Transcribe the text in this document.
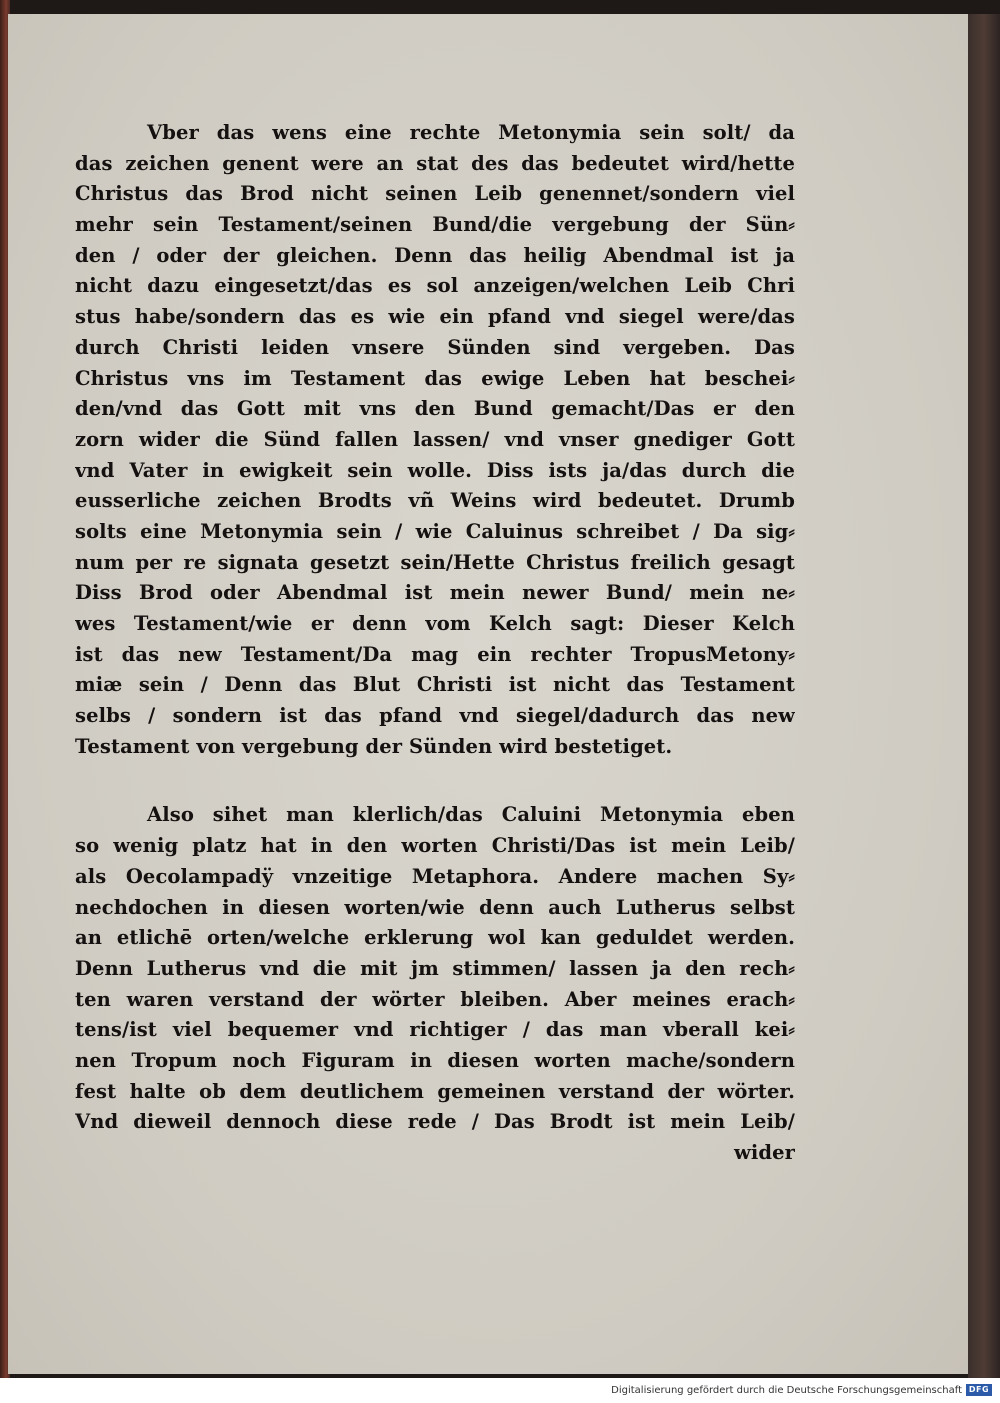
Vber das wens eine rechte Metonymia sein solt/ da

das zeichen genent were an stat des das bedeutet wird/hette

Christus das Brod nicht seinen Leib genennet/sondern viel

mehr sein Testament/seinen Bund/die vergebung der Sün⸗

den / oder der gleichen. Denn das heilig Abendmal ist ja

nicht dazu eingesetzt/das es sol anzeigen/welchen Leib Chri

stus habe/sondern das es wie ein pfand vnd siegel were/das

durch Christi leiden vnsere Sünden sind vergeben. Das

Christus vns im Testament das ewige Leben hat beschei⸗

den/vnd das Gott mit vns den Bund gemacht/Das er den

zorn wider die Sünd fallen lassen/ vnd vnser gnediger Gott

vnd Vater in ewigkeit sein wolle. Diss ists ja/das durch die

eusserliche zeichen Brodts vñ Weins wird bedeutet. Drumb

solts eine Metonymia sein / wie Caluinus schreibet / Da sig⸗

num per re signata gesetzt sein/Hette Christus freilich gesagt

Diss Brod oder Abendmal ist mein newer Bund/ mein ne⸗

wes Testament/wie er denn vom Kelch sagt: Dieser Kelch

ist das new Testament/Da mag ein rechter TropusMetony⸗

miæ sein / Denn das Blut Christi ist nicht das Testament

selbs / sondern ist das pfand vnd siegel/dadurch das new

Testament von vergebung der Sünden wird bestetiget.

Also sihet man klerlich/das Caluini Metonymia eben

so wenig platz hat in den worten Christi/Das ist mein Leib/

als Oecolampadÿ vnzeitige Metaphora. Andere machen Sy⸗

nechdochen in diesen worten/wie denn auch Lutherus selbst

an etlichē orten/welche erklerung wol kan geduldet werden.

Denn Lutherus vnd die mit jm stimmen/ lassen ja den rech⸗

ten waren verstand der wörter bleiben. Aber meines erach⸗

tens/ist viel bequemer vnd richtiger / das man vberall kei⸗

nen Tropum noch Figuram in diesen worten mache/sondern

fest halte ob dem deutlichem gemeinen verstand der wörter.

Vnd dieweil dennoch diese rede / Das Brodt ist mein Leib/

wider

Digitalisierung gefördert durch die Deutsche Forschungsgemeinschaft DFG
